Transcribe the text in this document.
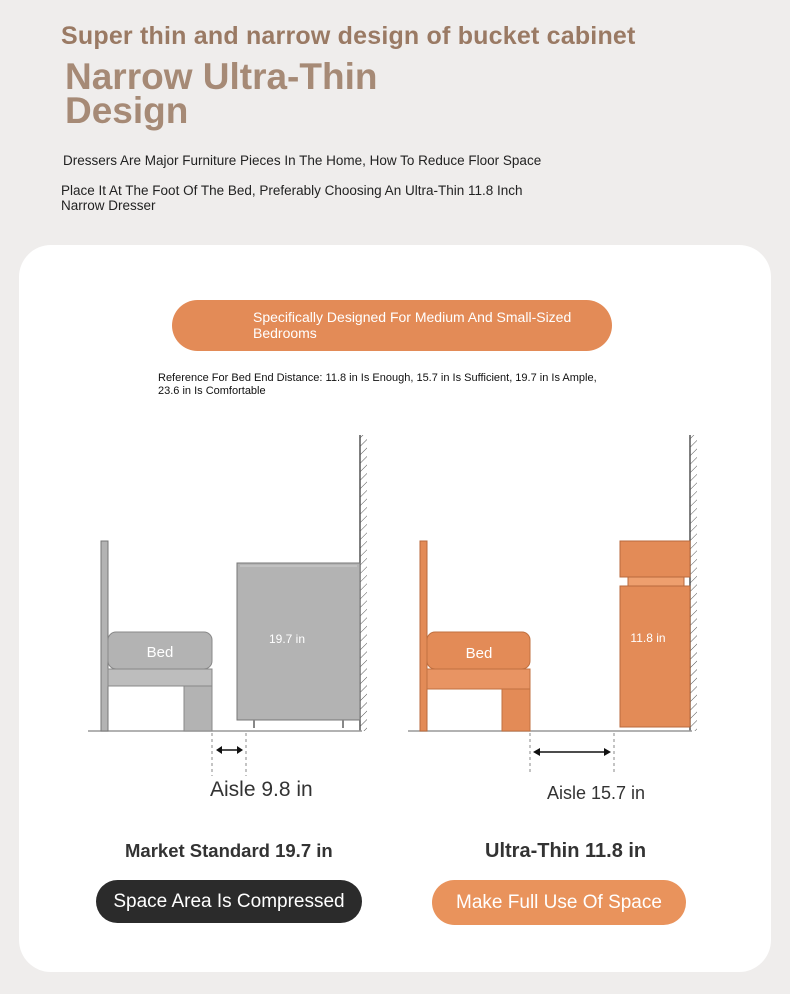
Super thin and narrow design of bucket cabinet
Narrow Ultra-Thin Design
Dressers Are Major Furniture Pieces In The Home, How To Reduce Floor Space
Place It At The Foot Of The Bed, Preferably Choosing An Ultra-Thin 11.8 Inch Narrow Dresser
Specifically Designed For Medium And Small-Sized Bedrooms
Reference For Bed End Distance: 11.8 in Is Enough, 15.7 in Is Sufficient, 19.7 in Is Ample, 23.6 in Is Comfortable
Bed
19.7 in
Bed
11.8 in
Aisle 9.8 in	Aisle 15.7 in
Market Standard 19.7 in	Ultra-Thin 11.8 in
Space Area Is Compressed	Make Full Use Of Space
